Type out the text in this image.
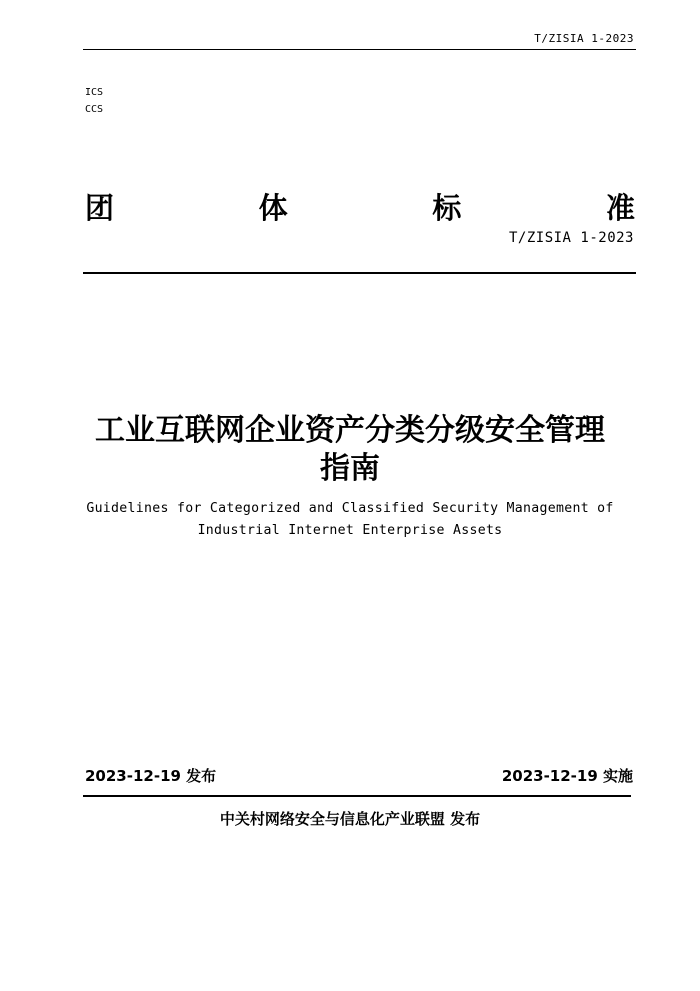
T/ZISIA 1-2023
ICS
CCS
团	体	标	准
T/ZISIA 1-2023
工业互联网企业资产分类分级安全管理
指南
Guidelines for Categorized and Classified Security Management of
Industrial Internet Enterprise Assets
2023-12-19 发布	2023-12-19 实施
中关村网络安全与信息化产业联盟 发布
